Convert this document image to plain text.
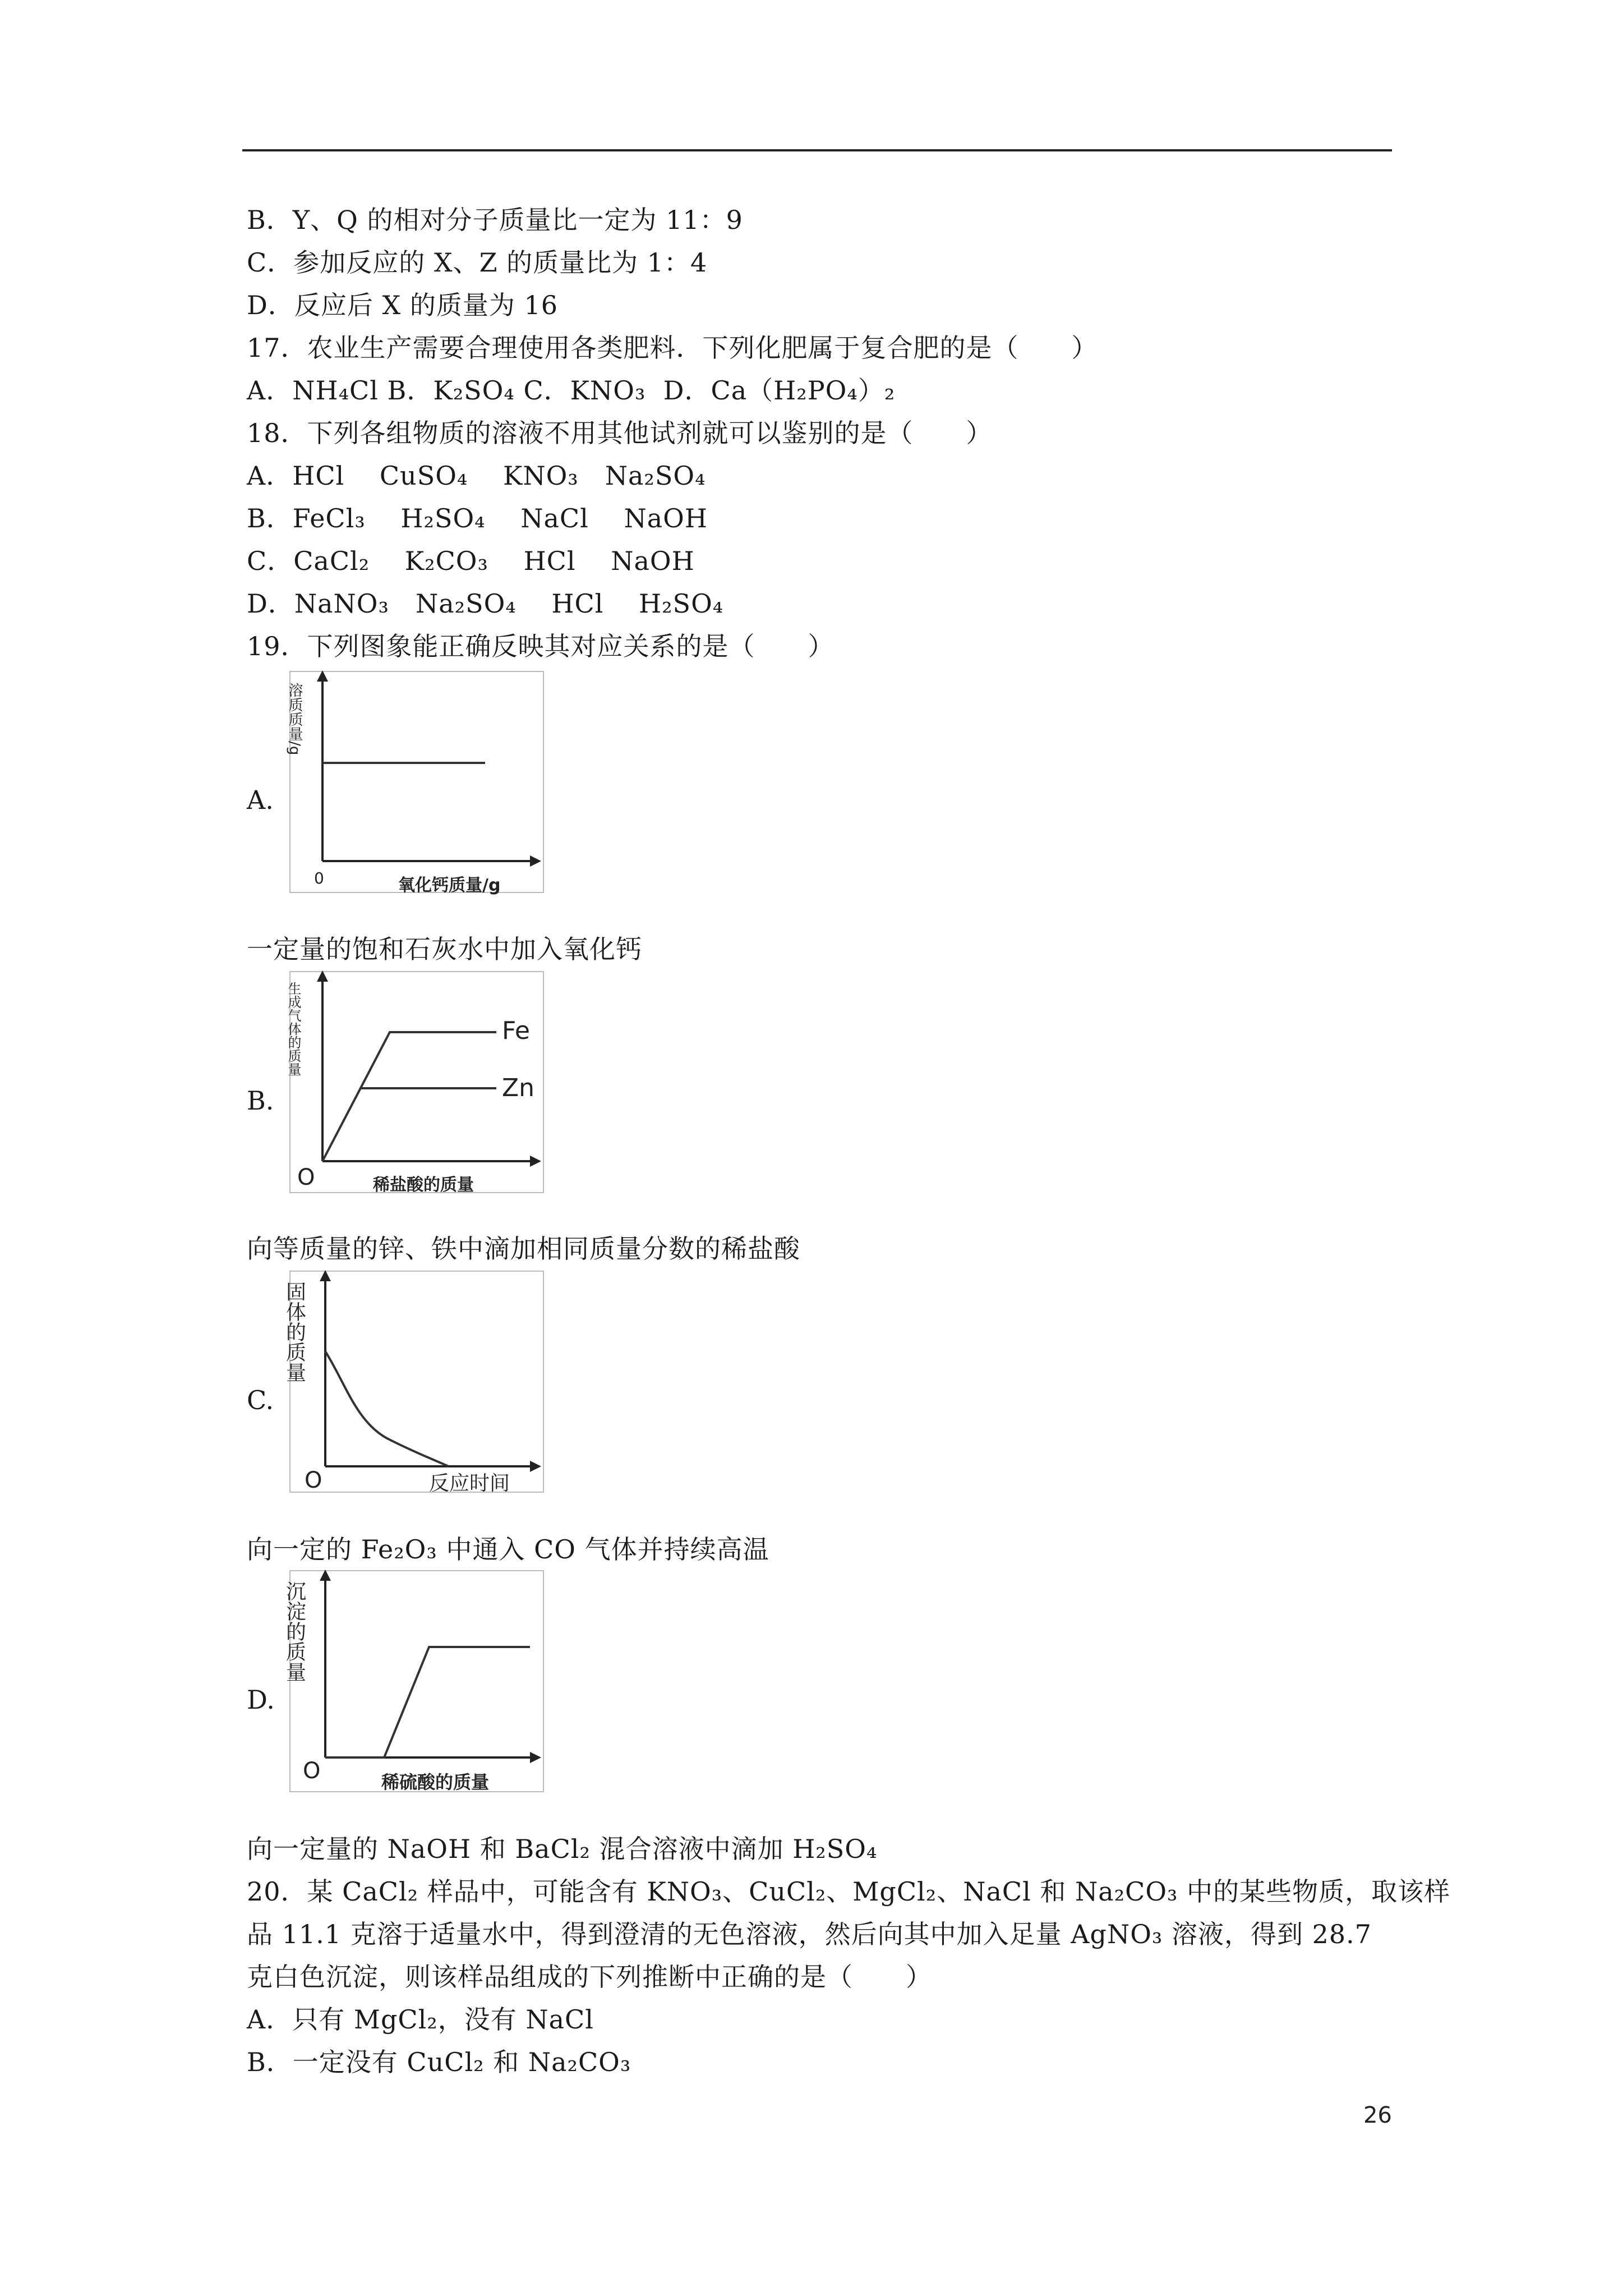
B．Y、Q 的相对分子质量比一定为 11：9
C．参加反应的 X、Z 的质量比为 1：4
D．反应后 X 的质量为 16
17．农业生产需要合理使用各类肥料．下列化肥属于复合肥的是（　　）
A．NH₄Cl B．K₂SO₄ C．KNO₃  D．Ca（H₂PO₄）₂
18．下列各组物质的溶液不用其他试剂就可以鉴别的是（　　）
A．HCl　 CuSO₄　 KNO₃　Na₂SO₄
B．FeCl₃　 H₂SO₄　 NaCl　 NaOH
C．CaCl₂　 K₂CO₃　 HCl　 NaOH
D．NaNO₃　Na₂SO₄　 HCl　 H₂SO₄
19．下列图象能正确反映其对应关系的是（　　）
A.
溶质质量/g
0	氧化钙质量/g
一定量的饱和石灰水中加入氧化钙
B.
Fe
Zn
生成气体的质量
O	稀盐酸的质量
向等质量的锌、铁中滴加相同质量分数的稀盐酸
C.
固体的质量
O	反应时间
向一定的 Fe₂O₃ 中通入 CO 气体并持续高温
D.
沉淀的质量
O	稀硫酸的质量
向一定量的 NaOH 和 BaCl₂ 混合溶液中滴加 H₂SO₄
20．某 CaCl₂ 样品中，可能含有 KNO₃、CuCl₂、MgCl₂、NaCl 和 Na₂CO₃ 中的某些物质，取该样
品 11.1 克溶于适量水中，得到澄清的无色溶液，然后向其中加入足量 AgNO₃ 溶液，得到 28.7
克白色沉淀，则该样品组成的下列推断中正确的是（　　）
A．只有 MgCl₂，没有 NaCl
B．一定没有 CuCl₂ 和 Na₂CO₃
26
